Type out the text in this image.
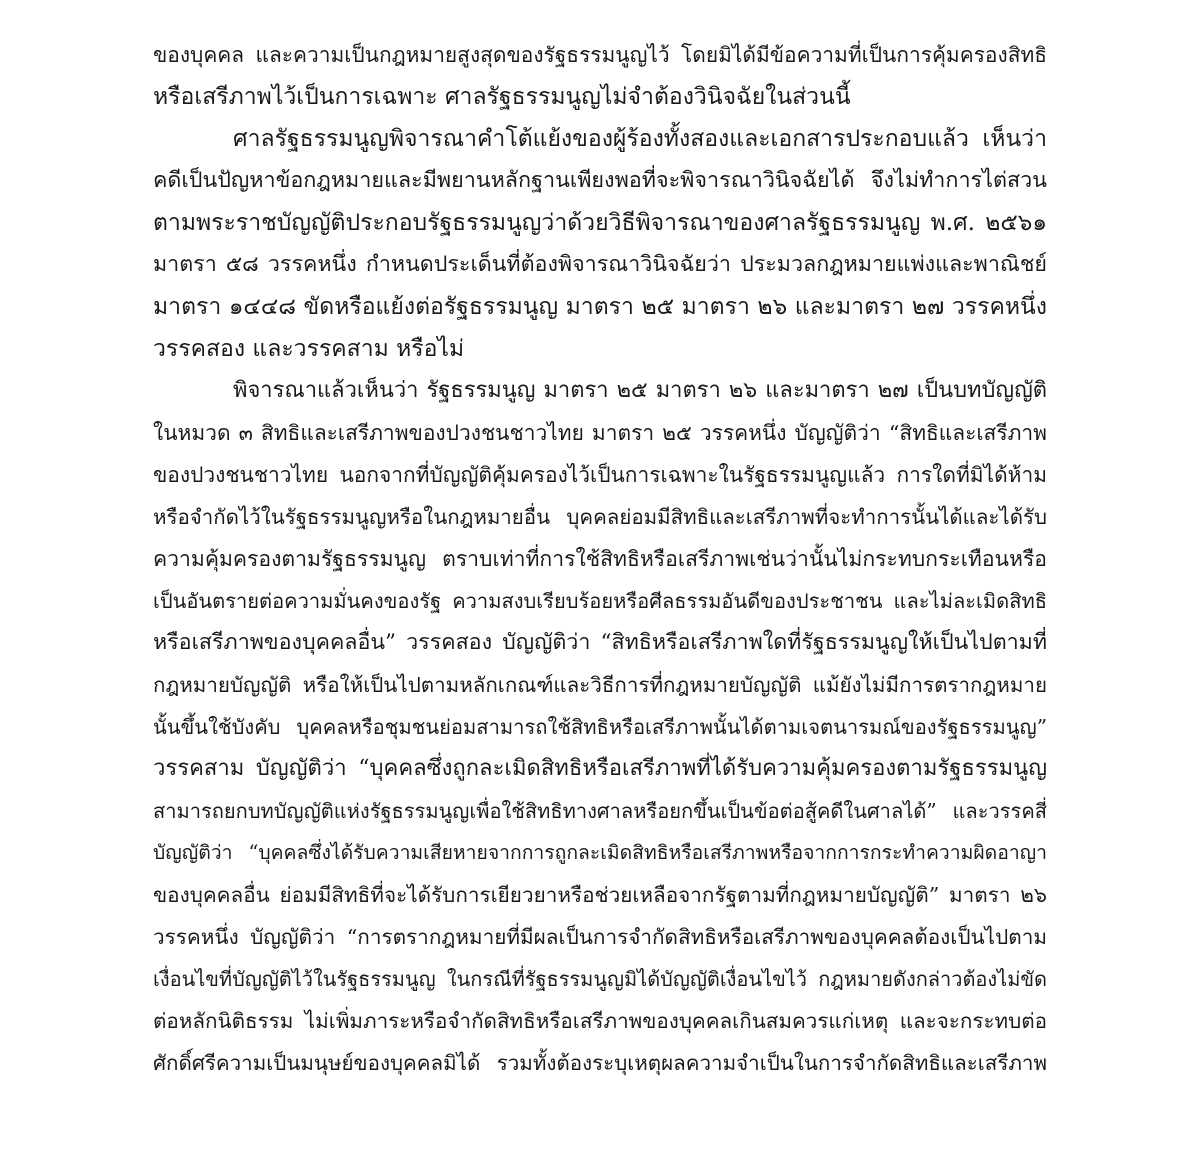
ของบุคคล และความเป็นกฎหมายสูงสุดของรัฐธรรมนูญไว้ โดยมิได้มีข้อความที่เป็นการคุ้มครองสิทธิ
หรือเสรีภาพไว้เป็นการเฉพาะ ศาลรัฐธรรมนูญไม่จำต้องวินิจฉัยในส่วนนี้
ศาลรัฐธรรมนูญพิจารณาคำโต้แย้งของผู้ร้องทั้งสองและเอกสารประกอบแล้ว เห็นว่า
คดีเป็นปัญหาข้อกฎหมายและมีพยานหลักฐานเพียงพอที่จะพิจารณาวินิจฉัยได้ จึงไม่ทำการไต่สวน
ตามพระราชบัญญัติประกอบรัฐธรรมนูญว่าด้วยวิธีพิจารณาของศาลรัฐธรรมนูญ พ.ศ. ๒๕๖๑
มาตรา ๕๘ วรรคหนึ่ง กำหนดประเด็นที่ต้องพิจารณาวินิจฉัยว่า ประมวลกฎหมายแพ่งและพาณิชย์
มาตรา ๑๔๔๘ ขัดหรือแย้งต่อรัฐธรรมนูญ มาตรา ๒๕ มาตรา ๒๖ และมาตรา ๒๗ วรรคหนึ่ง
วรรคสอง และวรรคสาม หรือไม่
พิจารณาแล้วเห็นว่า รัฐธรรมนูญ มาตรา ๒๕ มาตรา ๒๖ และมาตรา ๒๗ เป็นบทบัญญัติ
ในหมวด ๓ สิทธิและเสรีภาพของปวงชนชาวไทย มาตรา ๒๕ วรรคหนึ่ง บัญญัติว่า “สิทธิและเสรีภาพ
ของปวงชนชาวไทย นอกจากที่บัญญัติคุ้มครองไว้เป็นการเฉพาะในรัฐธรรมนูญแล้ว การใดที่มิได้ห้าม
หรือจำกัดไว้ในรัฐธรรมนูญหรือในกฎหมายอื่น บุคคลย่อมมีสิทธิและเสรีภาพที่จะทำการนั้นได้และได้รับ
ความคุ้มครองตามรัฐธรรมนูญ ตราบเท่าที่การใช้สิทธิหรือเสรีภาพเช่นว่านั้นไม่กระทบกระเทือนหรือ
เป็นอันตรายต่อความมั่นคงของรัฐ ความสงบเรียบร้อยหรือศีลธรรมอันดีของประชาชน และไม่ละเมิดสิทธิ
หรือเสรีภาพของบุคคลอื่น” วรรคสอง บัญญัติว่า “สิทธิหรือเสรีภาพใดที่รัฐธรรมนูญให้เป็นไปตามที่
กฎหมายบัญญัติ หรือให้เป็นไปตามหลักเกณฑ์และวิธีการที่กฎหมายบัญญัติ แม้ยังไม่มีการตรากฎหมาย
นั้นขึ้นใช้บังคับ บุคคลหรือชุมชนย่อมสามารถใช้สิทธิหรือเสรีภาพนั้นได้ตามเจตนารมณ์ของรัฐธรรมนูญ”
วรรคสาม บัญญัติว่า “บุคคลซึ่งถูกละเมิดสิทธิหรือเสรีภาพที่ได้รับความคุ้มครองตามรัฐธรรมนูญ
สามารถยกบทบัญญัติแห่งรัฐธรรมนูญเพื่อใช้สิทธิทางศาลหรือยกขึ้นเป็นข้อต่อสู้คดีในศาลได้” และวรรคสี่
บัญญัติว่า “บุคคลซึ่งได้รับความเสียหายจากการถูกละเมิดสิทธิหรือเสรีภาพหรือจากการกระทำความผิดอาญา
ของบุคคลอื่น ย่อมมีสิทธิที่จะได้รับการเยียวยาหรือช่วยเหลือจากรัฐตามที่กฎหมายบัญญัติ” มาตรา ๒๖
วรรคหนึ่ง บัญญัติว่า “การตรากฎหมายที่มีผลเป็นการจำกัดสิทธิหรือเสรีภาพของบุคคลต้องเป็นไปตาม
เงื่อนไขที่บัญญัติไว้ในรัฐธรรมนูญ ในกรณีที่รัฐธรรมนูญมิได้บัญญัติเงื่อนไขไว้ กฎหมายดังกล่าวต้องไม่ขัด
ต่อหลักนิติธรรม ไม่เพิ่มภาระหรือจำกัดสิทธิหรือเสรีภาพของบุคคลเกินสมควรแก่เหตุ และจะกระทบต่อ
ศักดิ์ศรีความเป็นมนุษย์ของบุคคลมิได้ รวมทั้งต้องระบุเหตุผลความจำเป็นในการจำกัดสิทธิและเสรีภาพ
